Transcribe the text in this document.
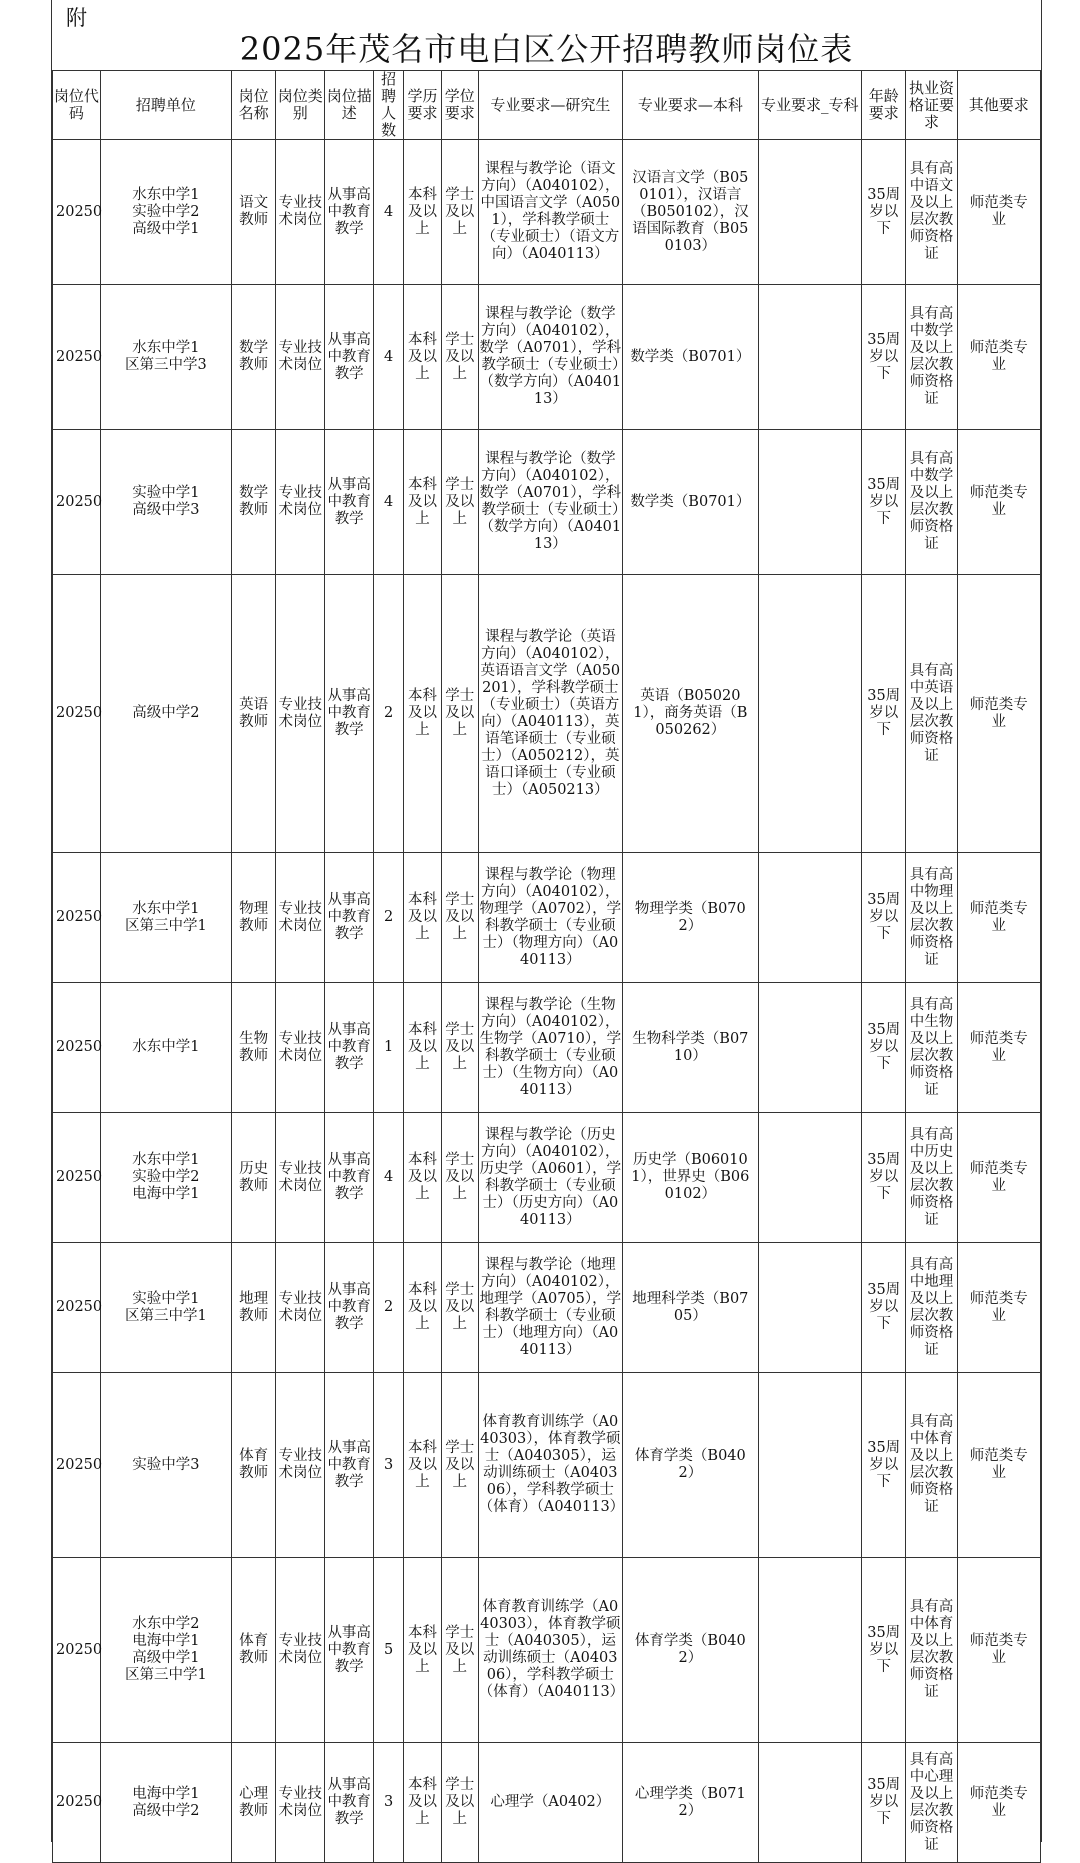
附
2025年茂名市电白区公开招聘教师岗位表
岗位代码	招聘单位	岗位名称	岗位类别	岗位描述	招聘人数	学历要求	学位要求	专业要求—研究生	专业要求—本科	专业要求_专科	年龄要求	执业资格证要求	其他要求

20250	水东中学1
实验中学2
高级中学1	语文教师	专业技术岗位	从事高中教育教学	4	本科及以上	学士及以上	课程与教学论（语文方向）（A040102），中国语言文学（A0501），学科教学硕士（专业硕士）（语文方向）（A040113）	汉语言文学（B050101），汉语言（B050102），汉语国际教育（B050103）		35周岁以下	具有高中语文及以上层次教师资格证	师范类专业

20250	水东中学1
区第三中学3	数学教师	专业技术岗位	从事高中教育教学	4	本科及以上	学士及以上	课程与教学论（数学方向）（A040102），数学（A0701），学科教学硕士（专业硕士）（数学方向）（A040113）	数学类（B0701）		35周岁以下	具有高中数学及以上层次教师资格证	师范类专业

20250	实验中学1
高级中学3	数学教师	专业技术岗位	从事高中教育教学	4	本科及以上	学士及以上	课程与教学论（数学方向）（A040102），数学（A0701），学科教学硕士（专业硕士）（数学方向）（A040113）	数学类（B0701）		35周岁以下	具有高中数学及以上层次教师资格证	师范类专业

20250	高级中学2	英语教师	专业技术岗位	从事高中教育教学	2	本科及以上	学士及以上	课程与教学论（英语方向）（A040102），英语语言文学（A050201），学科教学硕士（专业硕士）（英语方向）（A040113），英语笔译硕士（专业硕士）（A050212），英语口译硕士（专业硕士）（A050213）	英语（B050201），商务英语（B050262）		35周岁以下	具有高中英语及以上层次教师资格证	师范类专业

20250	水东中学1
区第三中学1	物理教师	专业技术岗位	从事高中教育教学	2	本科及以上	学士及以上	课程与教学论（物理方向）（A040102），物理学（A0702），学科教学硕士（专业硕士）（物理方向）（A040113）	物理学类（B0702）		35周岁以下	具有高中物理及以上层次教师资格证	师范类专业

20250	水东中学1	生物教师	专业技术岗位	从事高中教育教学	1	本科及以上	学士及以上	课程与教学论（生物方向）（A040102），生物学（A0710），学科教学硕士（专业硕士）（生物方向）（A040113）	生物科学类（B0710）		35周岁以下	具有高中生物及以上层次教师资格证	师范类专业

20250	水东中学1
实验中学2
电海中学1	历史教师	专业技术岗位	从事高中教育教学	4	本科及以上	学士及以上	课程与教学论（历史方向）（A040102），历史学（A0601），学科教学硕士（专业硕士）（历史方向）（A040113）	历史学（B060101），世界史（B060102）		35周岁以下	具有高中历史及以上层次教师资格证	师范类专业

20250	实验中学1
区第三中学1	地理教师	专业技术岗位	从事高中教育教学	2	本科及以上	学士及以上	课程与教学论（地理方向）（A040102），地理学（A0705），学科教学硕士（专业硕士）（地理方向）（A040113）	地理科学类（B0705）		35周岁以下	具有高中地理及以上层次教师资格证	师范类专业

20250	实验中学3	体育教师	专业技术岗位	从事高中教育教学	3	本科及以上	学士及以上	体育教育训练学（A040303），体育教学硕士（A040305），运动训练硕士（A040306），学科教学硕士（体育）（A040113）	体育学类（B0402）		35周岁以下	具有高中体育及以上层次教师资格证	师范类专业

20250	水东中学2
电海中学1
高级中学1
区第三中学1	体育教师	专业技术岗位	从事高中教育教学	5	本科及以上	学士及以上	体育教育训练学（A040303），体育教学硕士（A040305），运动训练硕士（A040306），学科教学硕士（体育）（A040113）	体育学类（B0402）		35周岁以下	具有高中体育及以上层次教师资格证	师范类专业

20250	电海中学1
高级中学2	心理教师	专业技术岗位	从事高中教育教学	3	本科及以上	学士及以上	心理学（A0402）	心理学类（B0712）		35周岁以下	具有高中心理及以上层次教师资格证	师范类专业
